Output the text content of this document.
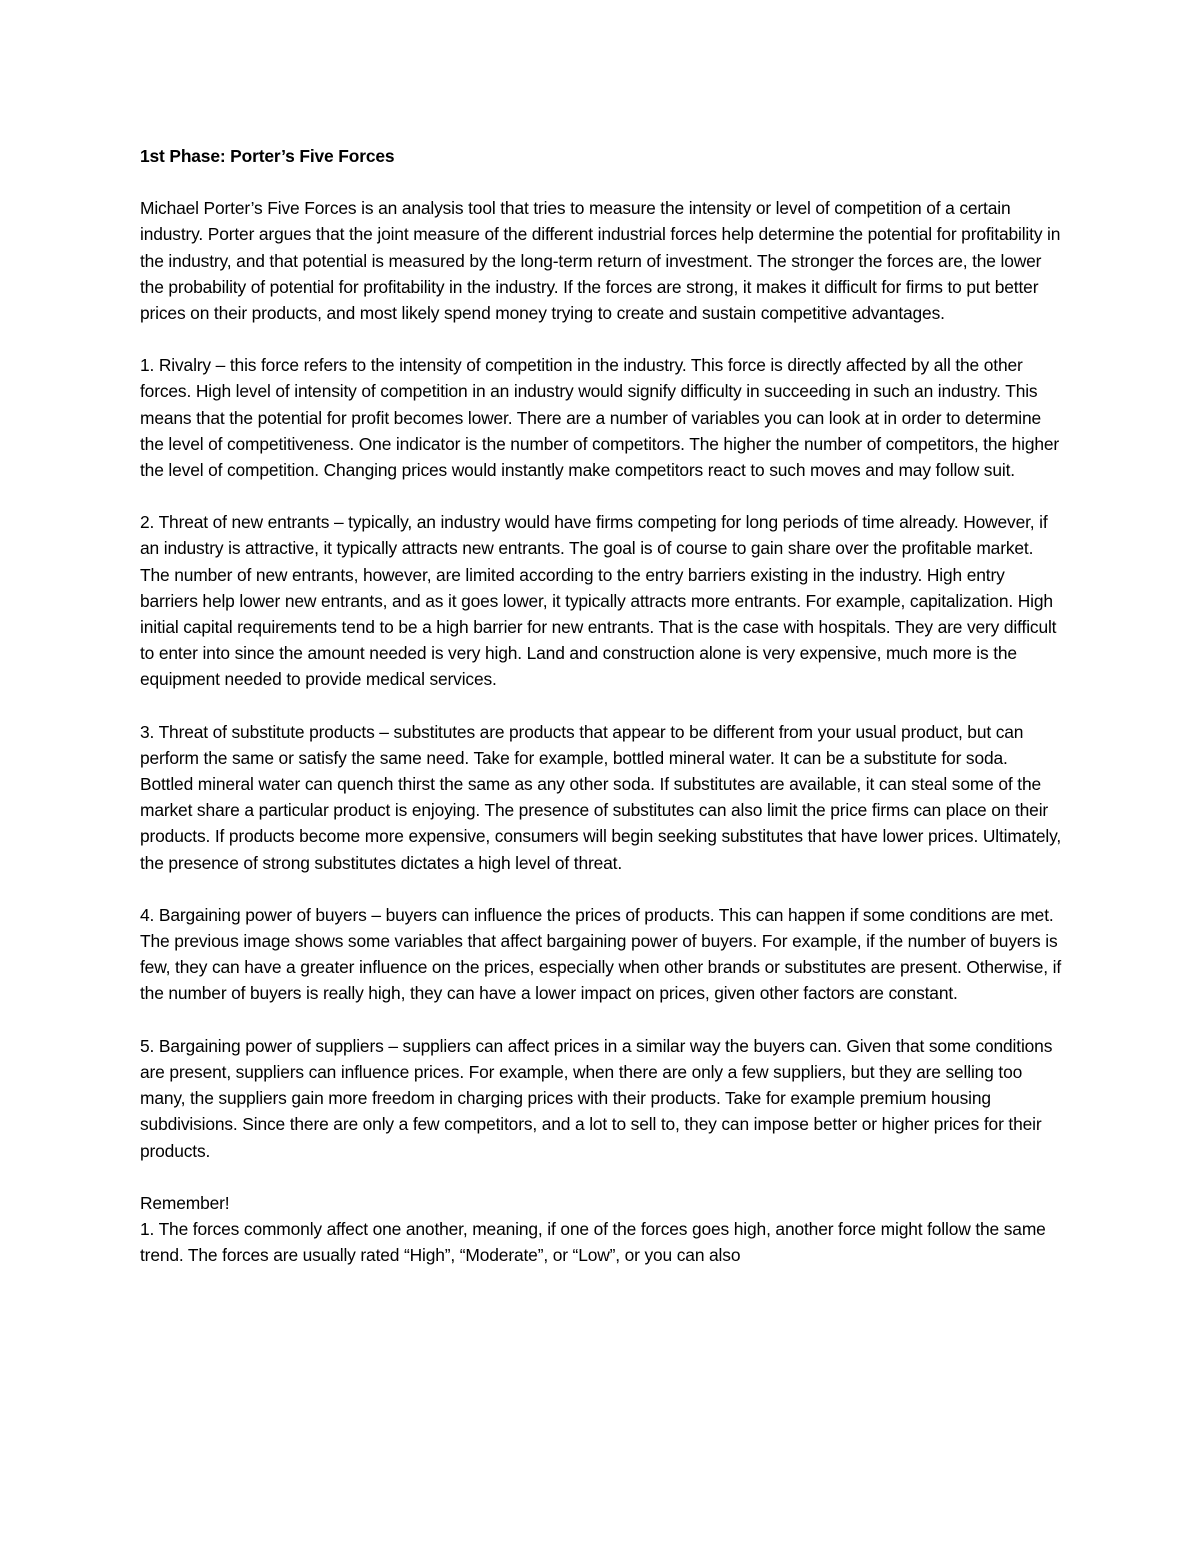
1st Phase: Porter’s Five Forces

Michael Porter’s Five Forces is an analysis tool that tries to measure the intensity or level of competition of a certain industry. Porter argues that the joint measure of the different industrial forces help determine the potential for profitability in the industry, and that potential is measured by the long-term return of investment. The stronger the forces are, the lower the probability of potential for profitability in the industry. If the forces are strong, it makes it difficult for firms to put better prices on their products, and most likely spend money trying to create and sustain competitive advantages.

1. Rivalry – this force refers to the intensity of competition in the industry. This force is directly affected by all the other forces. High level of intensity of competition in an industry would signify difficulty in succeeding in such an industry. This means that the potential for profit becomes lower. There are a number of variables you can look at in order to determine the level of competitiveness. One indicator is the number of competitors. The higher the number of competitors, the higher the level of competition. Changing prices would instantly make competitors react to such moves and may follow suit.

2. Threat of new entrants – typically, an industry would have firms competing for long periods of time already. However, if an industry is attractive, it typically attracts new entrants. The goal is of course to gain share over the profitable market. The number of new entrants, however, are limited according to the entry barriers existing in the industry. High entry barriers help lower new entrants, and as it goes lower, it typically attracts more entrants. For example, capitalization. High initial capital requirements tend to be a high barrier for new entrants. That is the case with hospitals. They are very difficult to enter into since the amount needed is very high. Land and construction alone is very expensive, much more is the equipment needed to provide medical services.

3. Threat of substitute products – substitutes are products that appear to be different from your usual product, but can perform the same or satisfy the same need. Take for example, bottled mineral water. It can be a substitute for soda. Bottled mineral water can quench thirst the same as any other soda. If substitutes are available, it can steal some of the market share a particular product is enjoying. The presence of substitutes can also limit the price firms can place on their products. If products become more expensive, consumers will begin seeking substitutes that have lower prices. Ultimately, the presence of strong substitutes dictates a high level of threat.

4. Bargaining power of buyers – buyers can influence the prices of products. This can happen if some conditions are met. The previous image shows some variables that affect bargaining power of buyers. For example, if the number of buyers is few, they can have a greater influence on the prices, especially when other brands or substitutes are present. Otherwise, if the number of buyers is really high, they can have a lower impact on prices, given other factors are constant.

5. Bargaining power of suppliers – suppliers can affect prices in a similar way the buyers can. Given that some conditions are present, suppliers can influence prices. For example, when there are only a few suppliers, but they are selling too many, the suppliers gain more freedom in charging prices with their products. Take for example premium housing subdivisions. Since there are only a few competitors, and a lot to sell to, they can impose better or higher prices for their products.

Remember!

1. The forces commonly affect one another, meaning, if one of the forces goes high, another force might follow the same trend. The forces are usually rated “High”, “Moderate”, or “Low”, or you can also
